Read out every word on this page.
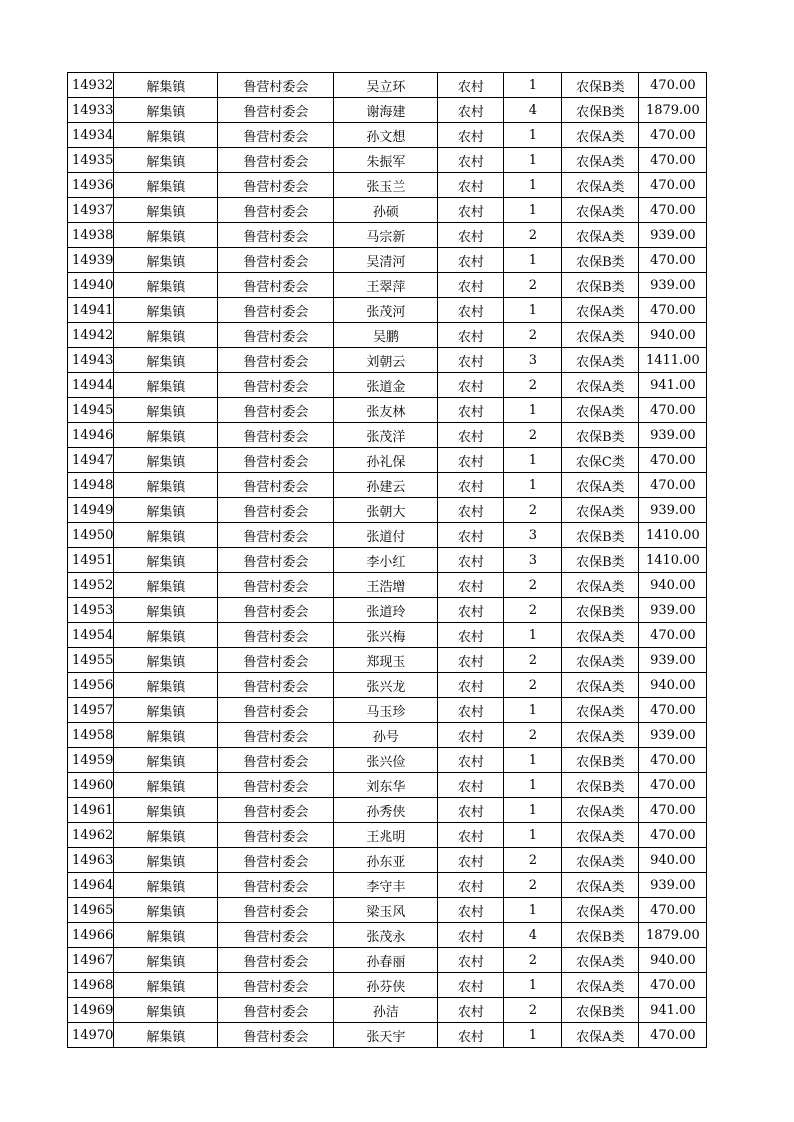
14932	解集镇	鲁营村委会	吴立环	农村	1	农保B类	470.00
14933	解集镇	鲁营村委会	谢海建	农村	4	农保B类	1879.00
14934	解集镇	鲁营村委会	孙文想	农村	1	农保A类	470.00
14935	解集镇	鲁营村委会	朱振军	农村	1	农保A类	470.00
14936	解集镇	鲁营村委会	张玉兰	农村	1	农保A类	470.00
14937	解集镇	鲁营村委会	孙硕	农村	1	农保A类	470.00
14938	解集镇	鲁营村委会	马宗新	农村	2	农保A类	939.00
14939	解集镇	鲁营村委会	吴清河	农村	1	农保B类	470.00
14940	解集镇	鲁营村委会	王翠萍	农村	2	农保B类	939.00
14941	解集镇	鲁营村委会	张茂河	农村	1	农保A类	470.00
14942	解集镇	鲁营村委会	吴鹏	农村	2	农保A类	940.00
14943	解集镇	鲁营村委会	刘朝云	农村	3	农保A类	1411.00
14944	解集镇	鲁营村委会	张道金	农村	2	农保A类	941.00
14945	解集镇	鲁营村委会	张友林	农村	1	农保A类	470.00
14946	解集镇	鲁营村委会	张茂洋	农村	2	农保B类	939.00
14947	解集镇	鲁营村委会	孙礼保	农村	1	农保C类	470.00
14948	解集镇	鲁营村委会	孙建云	农村	1	农保A类	470.00
14949	解集镇	鲁营村委会	张朝大	农村	2	农保A类	939.00
14950	解集镇	鲁营村委会	张道付	农村	3	农保B类	1410.00
14951	解集镇	鲁营村委会	李小红	农村	3	农保B类	1410.00
14952	解集镇	鲁营村委会	王浩增	农村	2	农保A类	940.00
14953	解集镇	鲁营村委会	张道玲	农村	2	农保B类	939.00
14954	解集镇	鲁营村委会	张兴梅	农村	1	农保A类	470.00
14955	解集镇	鲁营村委会	郑现玉	农村	2	农保A类	939.00
14956	解集镇	鲁营村委会	张兴龙	农村	2	农保A类	940.00
14957	解集镇	鲁营村委会	马玉珍	农村	1	农保A类	470.00
14958	解集镇	鲁营村委会	孙号	农村	2	农保A类	939.00
14959	解集镇	鲁营村委会	张兴俭	农村	1	农保B类	470.00
14960	解集镇	鲁营村委会	刘东华	农村	1	农保B类	470.00
14961	解集镇	鲁营村委会	孙秀侠	农村	1	农保A类	470.00
14962	解集镇	鲁营村委会	王兆明	农村	1	农保A类	470.00
14963	解集镇	鲁营村委会	孙东亚	农村	2	农保A类	940.00
14964	解集镇	鲁营村委会	李守丰	农村	2	农保A类	939.00
14965	解集镇	鲁营村委会	梁玉风	农村	1	农保A类	470.00
14966	解集镇	鲁营村委会	张茂永	农村	4	农保B类	1879.00
14967	解集镇	鲁营村委会	孙春丽	农村	2	农保A类	940.00
14968	解集镇	鲁营村委会	孙芬侠	农村	1	农保A类	470.00
14969	解集镇	鲁营村委会	孙洁	农村	2	农保B类	941.00
14970	解集镇	鲁营村委会	张天宇	农村	1	农保A类	470.00
